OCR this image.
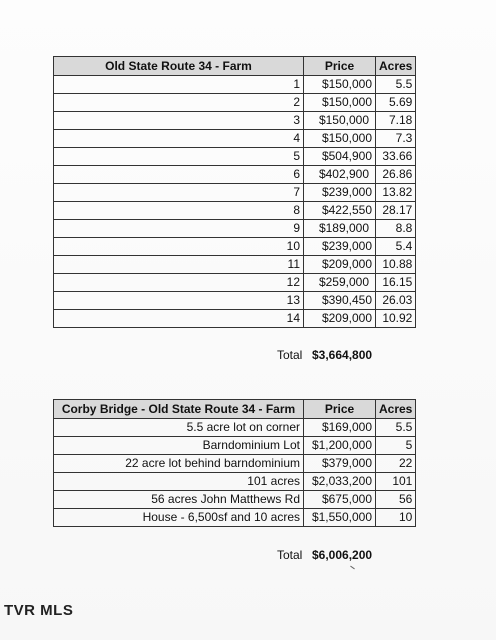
Old State Route 34 - Farm	Price	Acres
1	$150,000	5.5
2	$150,000	5.69
3	$150,000	7.18
4	$150,000	7.3
5	$504,900	33.66
6	$402,900	26.86
7	$239,000	13.82
8	$422,550	28.17
9	$189,000	8.8
10	$239,000	5.4
11	$209,000	10.88
12	$259,000	16.15
13	$390,450	26.03
14	$209,000	10.92
Total $3,664,800
Corby Bridge - Old State Route 34 - Farm	Price	Acres
5.5 acre lot on corner	$169,000	5.5
Barndominium Lot	$1,200,000	5
22 acre lot behind barndominium	$379,000	22
101 acres	$2,033,200	101
56 acres John Matthews Rd	$675,000	56
House - 6,500sf and 10 acres	$1,550,000	10
Total $6,006,200
TVR MLS
